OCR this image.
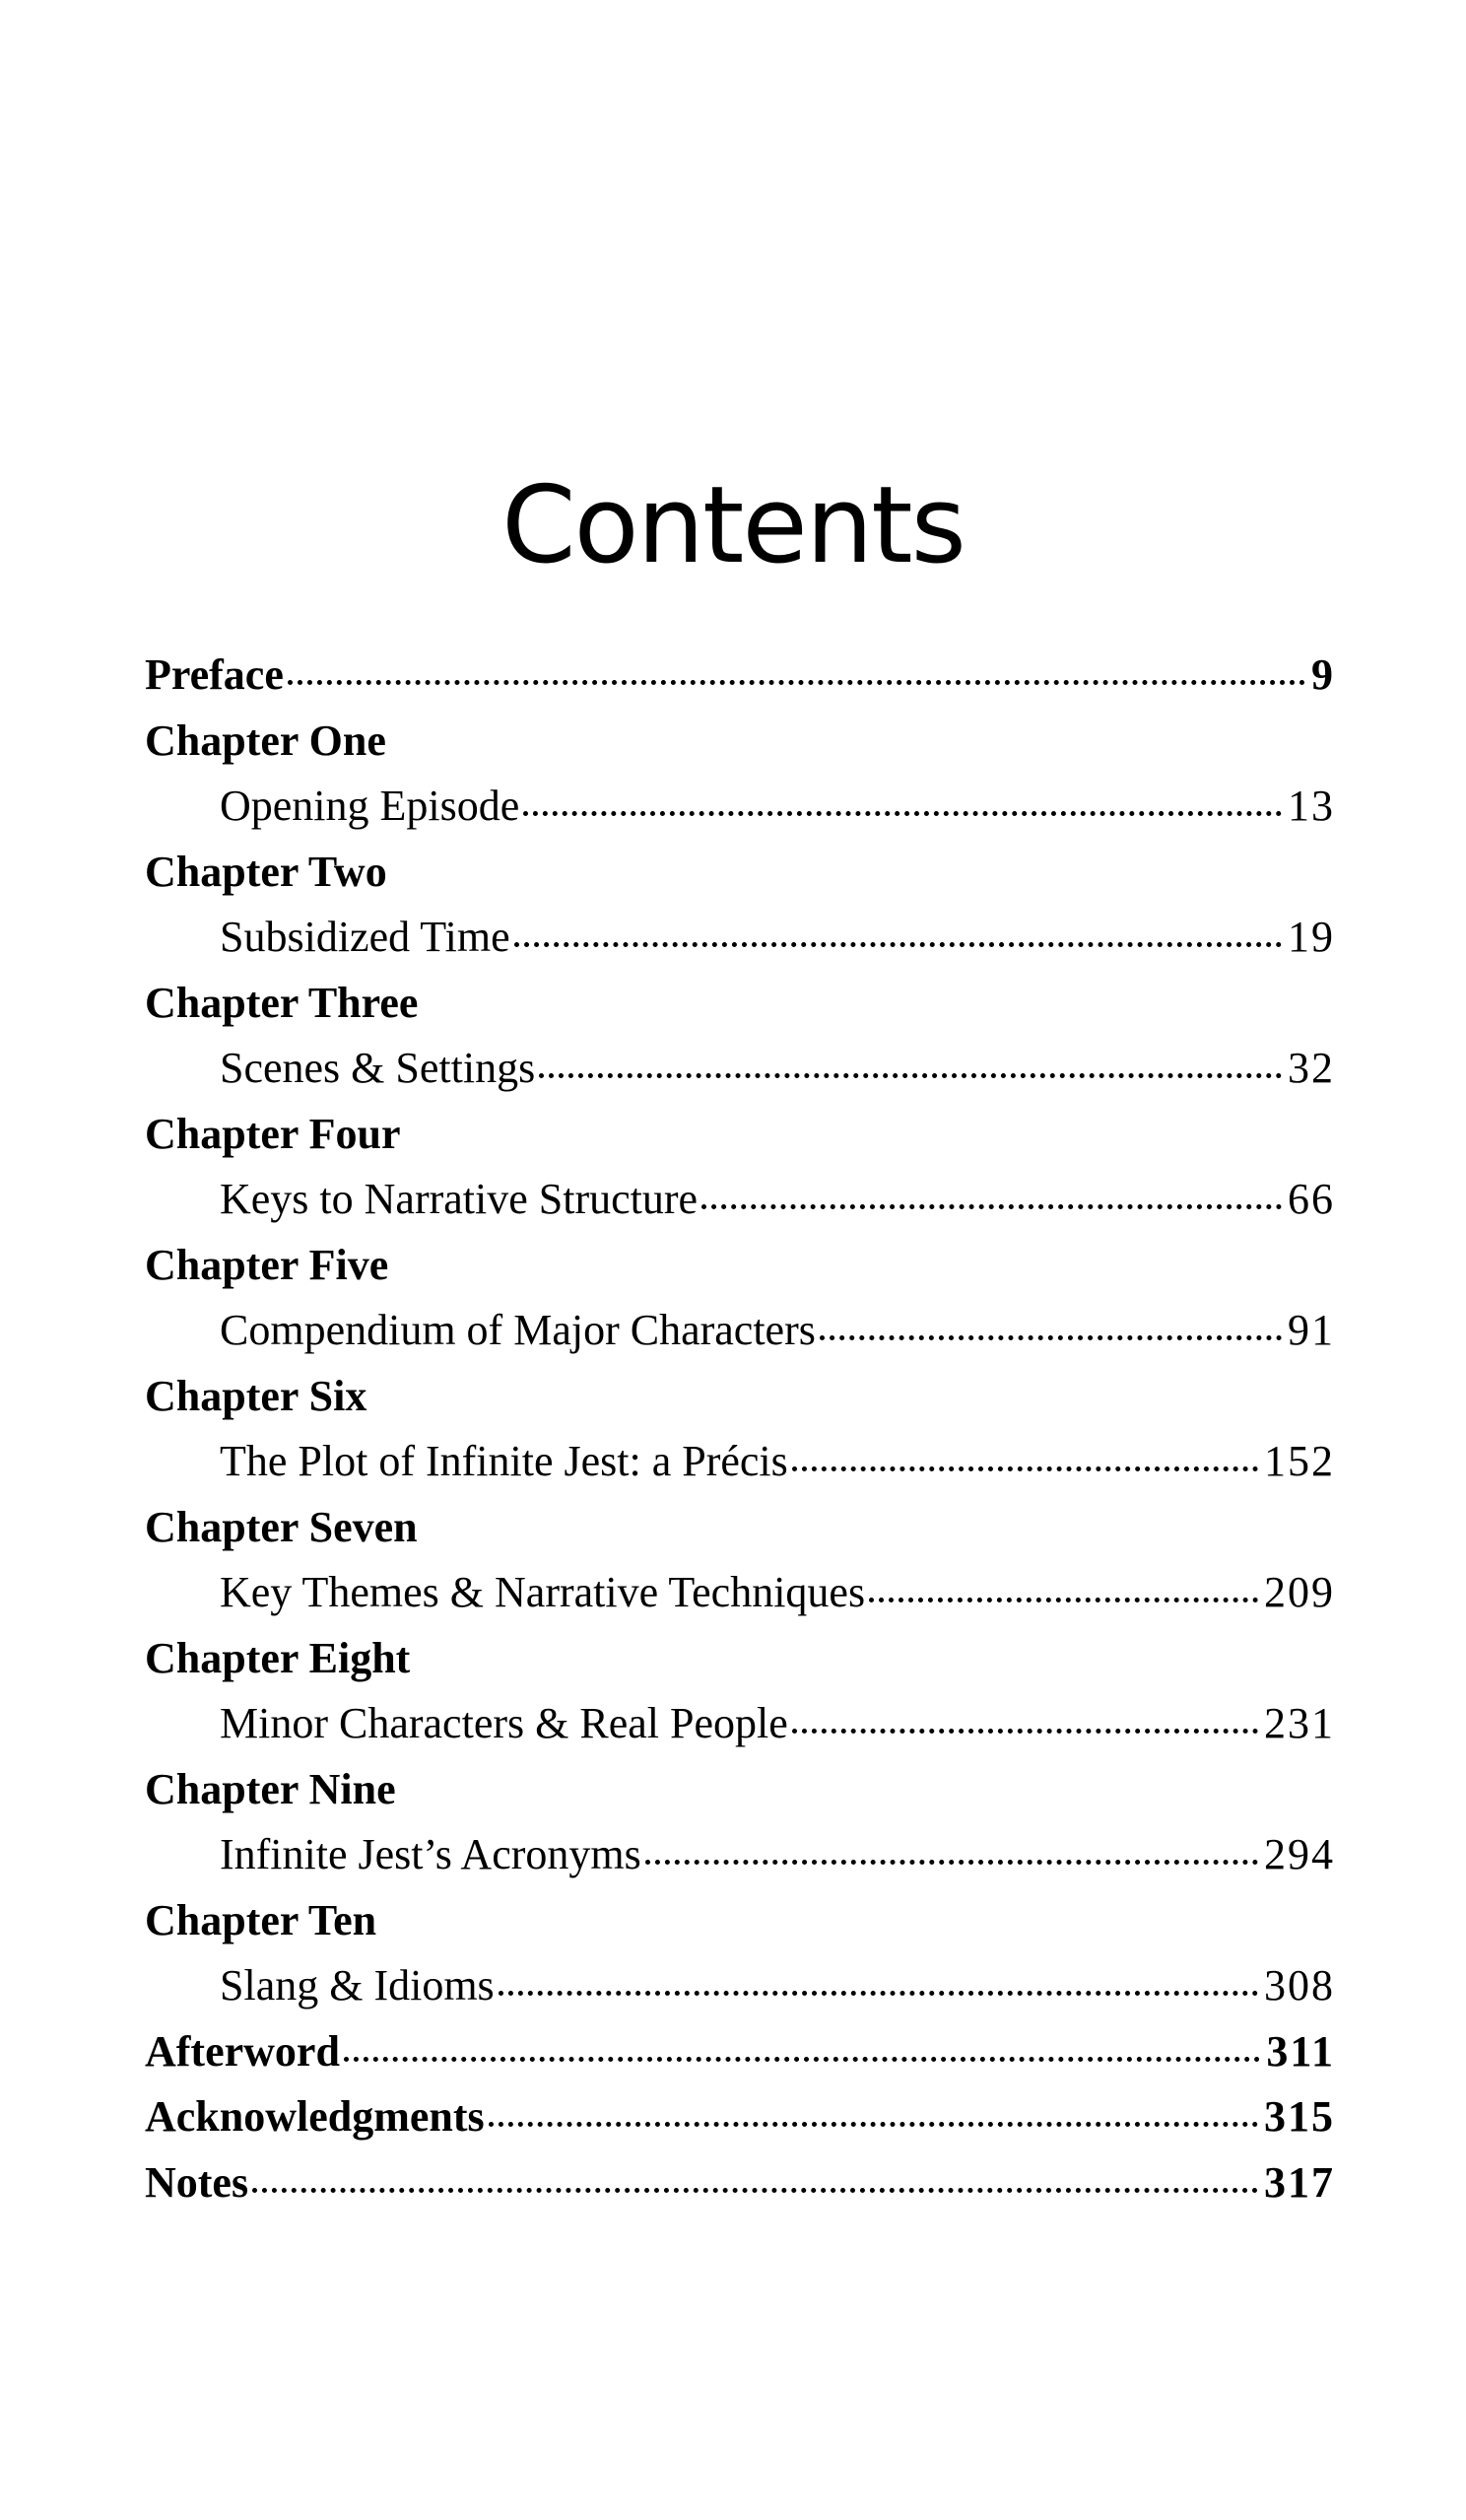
Contents
Preface	9
Chapter One
Opening Episode	13
Chapter Two
Subsidized Time	19
Chapter Three
Scenes & Settings	32
Chapter Four
Keys to Narrative Structure	66
Chapter Five
Compendium of Major Characters	91
Chapter Six
The Plot of Infinite Jest: a Précis	152
Chapter Seven
Key Themes & Narrative Techniques	209
Chapter Eight
Minor Characters & Real People	231
Chapter Nine
Infinite Jest’s Acronyms	294
Chapter Ten
Slang & Idioms	308
Afterword	311
Acknowledgments	315
Notes	317
